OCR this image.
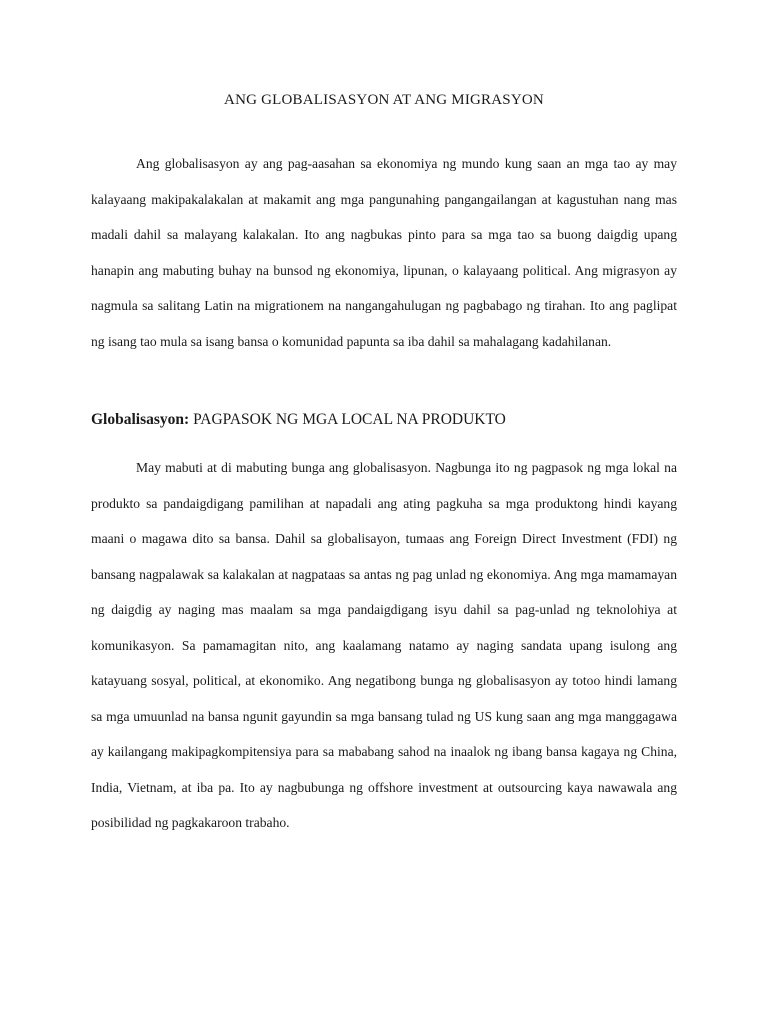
ANG GLOBALISASYON AT ANG MIGRASYON

Ang globalisasyon ay ang pag-aasahan sa ekonomiya ng mundo kung saan an mga tao ay may kalayaang makipakalakalan at makamit ang mga pangunahing pangangailangan at kagustuhan nang mas madali dahil sa malayang kalakalan. Ito ang nagbukas pinto para sa mga tao sa buong daigdig upang hanapin ang mabuting buhay na bunsod ng ekonomiya, lipunan, o kalayaang political. Ang migrasyon ay nagmula sa salitang Latin na migrationem na nangangahulugan ng pagbabago ng tirahan. Ito ang paglipat ng isang tao mula sa isang bansa o komunidad papunta sa iba dahil sa mahalagang kadahilanan.

Globalisasyon: PAGPASOK NG MGA LOCAL NA PRODUKTO

May mabuti at di mabuting bunga ang globalisasyon. Nagbunga ito ng pagpasok ng mga lokal na produkto sa pandaigdigang pamilihan at napadali ang ating pagkuha sa mga produktong hindi kayang maani o magawa dito sa bansa. Dahil sa globalisayon, tumaas ang Foreign Direct Investment (FDI) ng bansang nagpalawak sa kalakalan at nagpataas sa antas ng pag unlad ng ekonomiya. Ang mga mamamayan ng daigdig ay naging mas maalam sa mga pandaigdigang isyu dahil sa pag-unlad ng teknolohiya at komunikasyon. Sa pamamagitan nito, ang kaalamang natamo ay naging sandata upang isulong ang katayuang sosyal, political, at ekonomiko. Ang negatibong bunga ng globalisasyon ay totoo hindi lamang sa mga umuunlad na bansa ngunit gayundin sa mga bansang tulad ng US kung saan ang mga manggagawa ay kailangang makipagkompitensiya para sa mababang sahod na inaalok ng ibang bansa kagaya ng China, India, Vietnam, at iba pa. Ito ay nagbubunga ng offshore investment at outsourcing kaya nawawala ang posibilidad ng pagkakaroon trabaho.
